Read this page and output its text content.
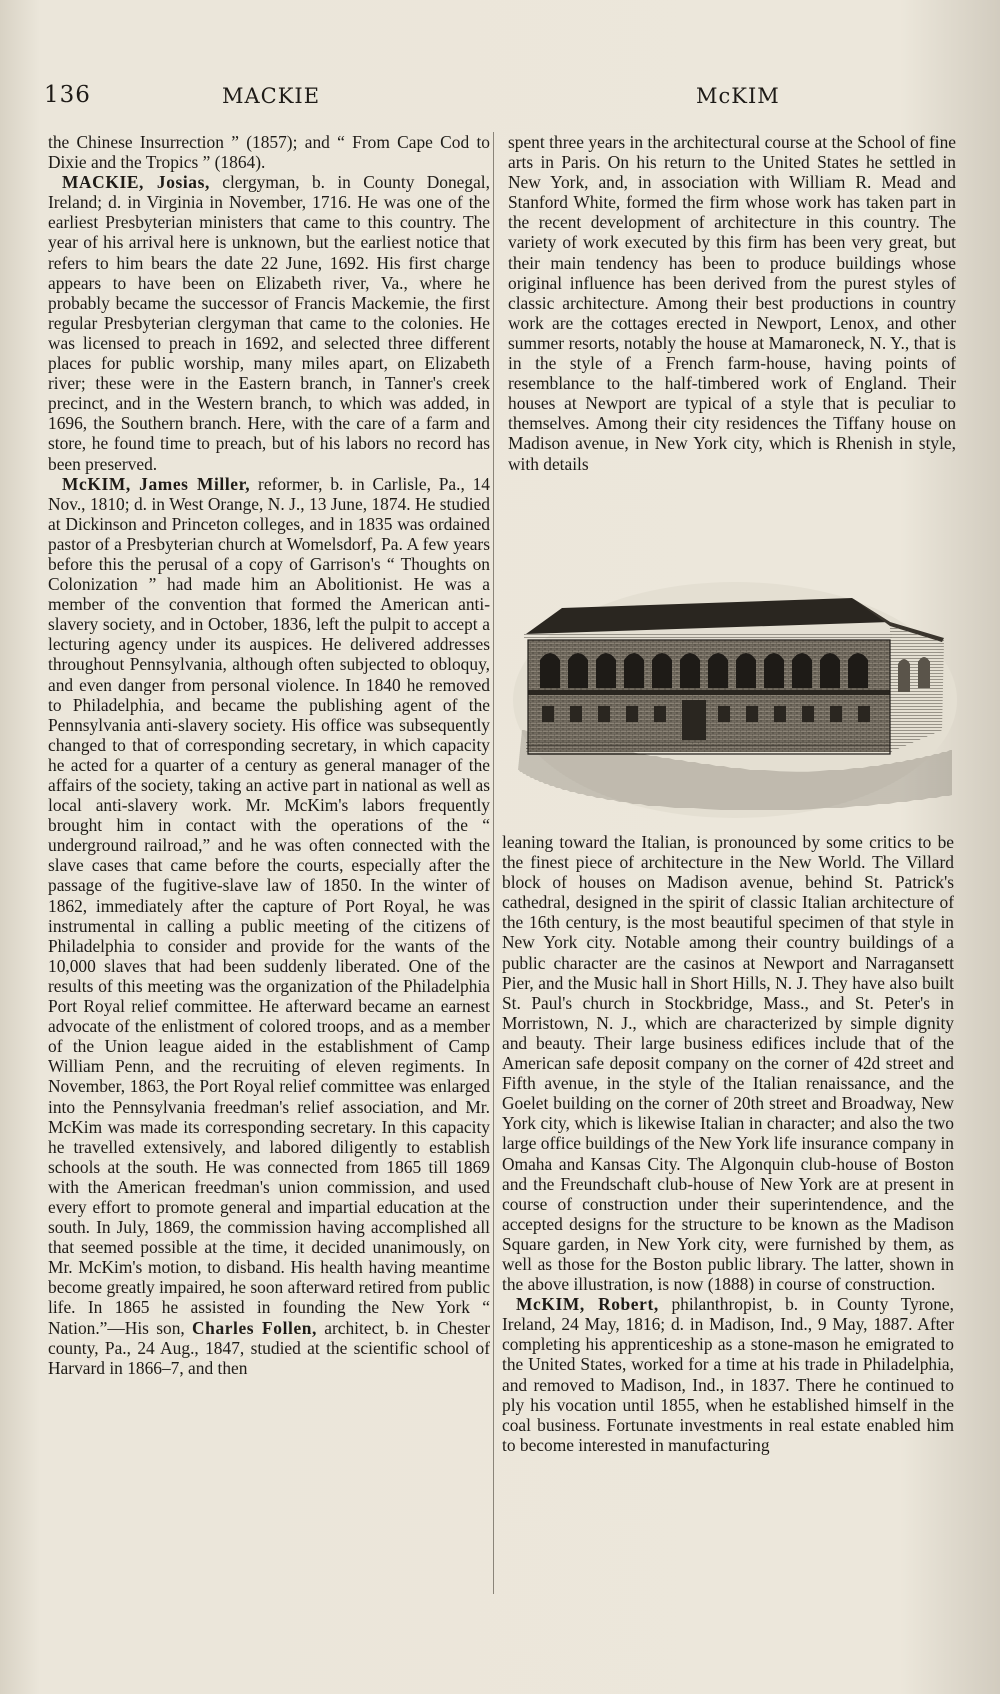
136	MACKIE	McKIM

the Chinese Insurrection ” (1857); and “ From Cape Cod to Dixie and the Tropics ” (1864).

MACKIE, Josias, clergyman, b. in County Donegal, Ireland; d. in Virginia in November, 1716. He was one of the earliest Presbyterian ministers that came to this country. The year of his arrival here is unknown, but the earliest notice that refers to him bears the date 22 June, 1692. His first charge appears to have been on Elizabeth river, Va., where he probably became the successor of Francis Mackemie, the first regular Presbyterian clergyman that came to the colonies. He was licensed to preach in 1692, and selected three different places for public worship, many miles apart, on Elizabeth river; these were in the Eastern branch, in Tanner's creek precinct, and in the Western branch, to which was added, in 1696, the Southern branch. Here, with the care of a farm and store, he found time to preach, but of his labors no record has been preserved.

McKIM, James Miller, reformer, b. in Carlisle, Pa., 14 Nov., 1810; d. in West Orange, N. J., 13 June, 1874. He studied at Dickinson and Princeton colleges, and in 1835 was ordained pastor of a Presbyterian church at Womelsdorf, Pa. A few years before this the perusal of a copy of Garrison's “ Thoughts on Colonization ” had made him an Abolitionist. He was a member of the convention that formed the American anti-slavery society, and in October, 1836, left the pulpit to accept a lecturing agency under its auspices. He delivered addresses throughout Pennsylvania, although often subjected to obloquy, and even danger from personal violence. In 1840 he removed to Philadelphia, and became the publishing agent of the Pennsylvania anti-slavery society. His office was subsequently changed to that of corresponding secretary, in which capacity he acted for a quarter of a century as general manager of the affairs of the society, taking an active part in national as well as local anti-slavery work. Mr. McKim's labors frequently brought him in contact with the operations of the “ underground railroad,” and he was often connected with the slave cases that came before the courts, especially after the passage of the fugitive-slave law of 1850. In the winter of 1862, immediately after the capture of Port Royal, he was instrumental in calling a public meeting of the citizens of Philadelphia to consider and provide for the wants of the 10,000 slaves that had been suddenly liberated. One of the results of this meeting was the organization of the Philadelphia Port Royal relief committee. He afterward became an earnest advocate of the enlistment of colored troops, and as a member of the Union league aided in the establishment of Camp William Penn, and the recruiting of eleven regiments. In November, 1863, the Port Royal relief committee was enlarged into the Pennsylvania freedman's relief association, and Mr. McKim was made its corresponding secretary. In this capacity he travelled extensively, and labored diligently to establish schools at the south. He was connected from 1865 till 1869 with the American freedman's union commission, and used every effort to promote general and impartial education at the south. In July, 1869, the commission having accomplished all that seemed possible at the time, it decided unanimously, on Mr. McKim's motion, to disband. His health having meantime become greatly impaired, he soon afterward retired from public life. In 1865 he assisted in founding the New York “ Nation.”—His son, Charles Follen, architect, b. in Chester county, Pa., 24 Aug., 1847, studied at the scientific school of Harvard in 1866–7, and then

spent three years in the architectural course at the School of fine arts in Paris. On his return to the United States he settled in New York, and, in association with William R. Mead and Stanford White, formed the firm whose work has taken part in the recent development of architecture in this country. The variety of work executed by this firm has been very great, but their main tendency has been to produce buildings whose original influence has been derived from the purest styles of classic architecture. Among their best productions in country work are the cottages erected in Newport, Lenox, and other summer resorts, notably the house at Mamaroneck, N. Y., that is in the style of a French farm-house, having points of resemblance to the half-timbered work of England. Their houses at Newport are typical of a style that is peculiar to themselves. Among their city residences the Tiffany house on Madison avenue, in New York city, which is Rhenish in style, with details

leaning toward the Italian, is pronounced by some critics to be the finest piece of architecture in the New World. The Villard block of houses on Madison avenue, behind St. Patrick's cathedral, designed in the spirit of classic Italian architecture of the 16th century, is the most beautiful specimen of that style in New York city. Notable among their country buildings of a public character are the casinos at Newport and Narragansett Pier, and the Music hall in Short Hills, N. J. They have also built St. Paul's church in Stockbridge, Mass., and St. Peter's in Morristown, N. J., which are characterized by simple dignity and beauty. Their large business edifices include that of the American safe deposit company on the corner of 42d street and Fifth avenue, in the style of the Italian renaissance, and the Goelet building on the corner of 20th street and Broadway, New York city, which is likewise Italian in character; and also the two large office buildings of the New York life insurance company in Omaha and Kansas City. The Algonquin club-house of Boston and the Freundschaft club-house of New York are at present in course of construction under their superintendence, and the accepted designs for the structure to be known as the Madison Square garden, in New York city, were furnished by them, as well as those for the Boston public library. The latter, shown in the above illustration, is now (1888) in course of construction.

McKIM, Robert, philanthropist, b. in County Tyrone, Ireland, 24 May, 1816; d. in Madison, Ind., 9 May, 1887. After completing his apprenticeship as a stone-mason he emigrated to the United States, worked for a time at his trade in Philadelphia, and removed to Madison, Ind., in 1837. There he continued to ply his vocation until 1855, when he established himself in the coal business. Fortunate investments in real estate enabled him to become interested in manufacturing
